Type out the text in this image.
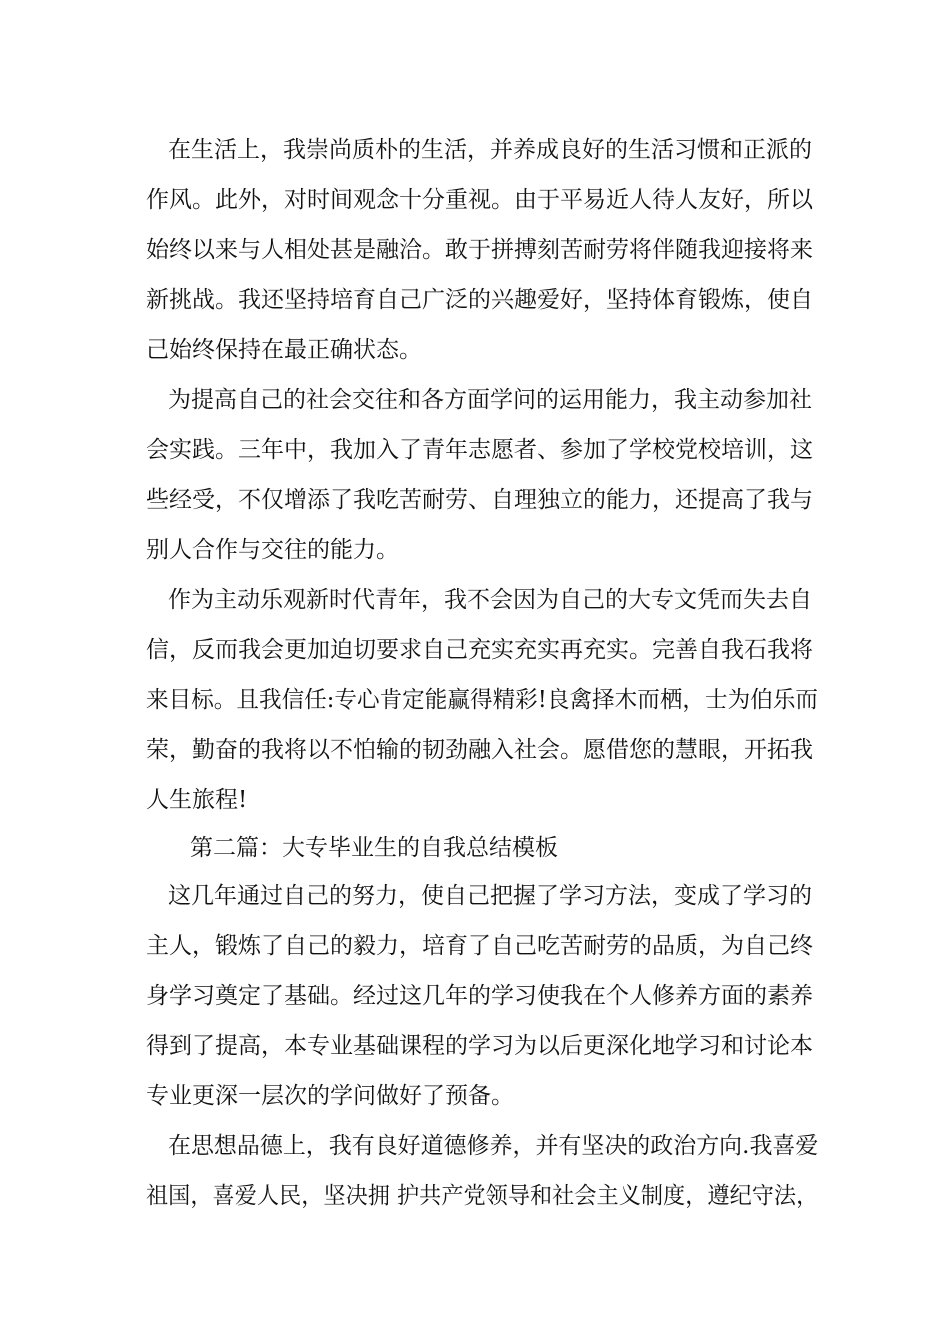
在生活上，我崇尚质朴的生活，并养成良好的生活习惯和正派的
作风。此外，对时间观念十分重视。由于平易近人待人友好，所以
始终以来与人相处甚是融洽。敢于拼搏刻苦耐劳将伴随我迎接将来
新挑战。我还坚持培育自己广泛的兴趣爱好，坚持体育锻炼，使自
己始终保持在最正确状态。
为提高自己的社会交往和各方面学问的运用能力，我主动参加社
会实践。三年中，我加入了青年志愿者、参加了学校党校培训，这
些经受，不仅增添了我吃苦耐劳、自理独立的能力，还提高了我与
别人合作与交往的能力。
作为主动乐观新时代青年，我不会因为自己的大专文凭而失去自
信，反而我会更加迫切要求自己充实充实再充实。完善自我石我将
来目标。且我信任:专心肯定能赢得精彩!良禽择木而栖，士为伯乐而
荣，勤奋的我将以不怕输的韧劲融入社会。愿借您的慧眼，开拓我
人生旅程!
第二篇：大专毕业生的自我总结模板
这几年通过自己的努力，使自己把握了学习方法，变成了学习的
主人，锻炼了自己的毅力，培育了自己吃苦耐劳的品质，为自己终
身学习奠定了基础。经过这几年的学习使我在个人修养方面的素养
得到了提高，本专业基础课程的学习为以后更深化地学习和讨论本
专业更深一层次的学问做好了预备。
在思想品德上，我有良好道德修养，并有坚决的政治方向.我喜爱
祖国，喜爱人民，坚决拥 护共产党领导和社会主义制度，遵纪守法，
